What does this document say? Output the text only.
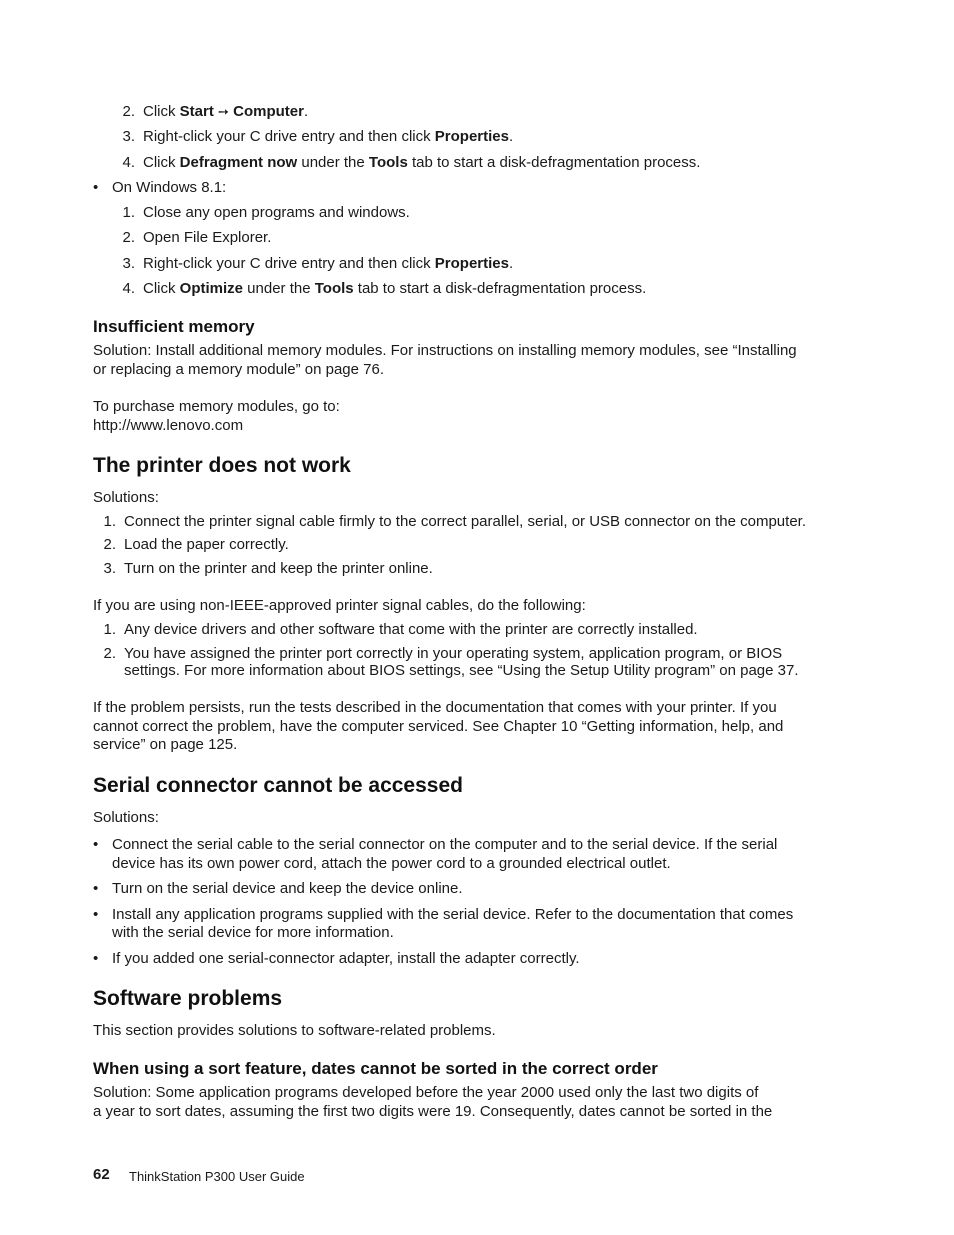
2. Click Start ➙ Computer.
3. Right-click your C drive entry and then click Properties.
4. Click Defragment now under the Tools tab to start a disk-defragmentation process.
• On Windows 8.1:
1. Close any open programs and windows.
2. Open File Explorer.
3. Right-click your C drive entry and then click Properties.
4. Click Optimize under the Tools tab to start a disk-defragmentation process.
Insufficient memory
Solution: Install additional memory modules. For instructions on installing memory modules, see “Installing
or replacing a memory module” on page 76.
To purchase memory modules, go to:
http://www.lenovo.com
The printer does not work
Solutions:
1. Connect the printer signal cable firmly to the correct parallel, serial, or USB connector on the computer.
2. Load the paper correctly.
3. Turn on the printer and keep the printer online.
If you are using non-IEEE-approved printer signal cables, do the following:
1. Any device drivers and other software that come with the printer are correctly installed.
2. You have assigned the printer port correctly in your operating system, application program, or BIOS
settings. For more information about BIOS settings, see “Using the Setup Utility program” on page 37.
If the problem persists, run the tests described in the documentation that comes with your printer. If you
cannot correct the problem, have the computer serviced. See Chapter 10 “Getting information, help, and
service” on page 125.
Serial connector cannot be accessed
Solutions:
• Connect the serial cable to the serial connector on the computer and to the serial device. If the serial
device has its own power cord, attach the power cord to a grounded electrical outlet.
• Turn on the serial device and keep the device online.
• Install any application programs supplied with the serial device. Refer to the documentation that comes
with the serial device for more information.
• If you added one serial-connector adapter, install the adapter correctly.
Software problems
This section provides solutions to software-related problems.
When using a sort feature, dates cannot be sorted in the correct order
Solution: Some application programs developed before the year 2000 used only the last two digits of
a year to sort dates, assuming the first two digits were 19. Consequently, dates cannot be sorted in the
62 ThinkStation P300 User Guide
